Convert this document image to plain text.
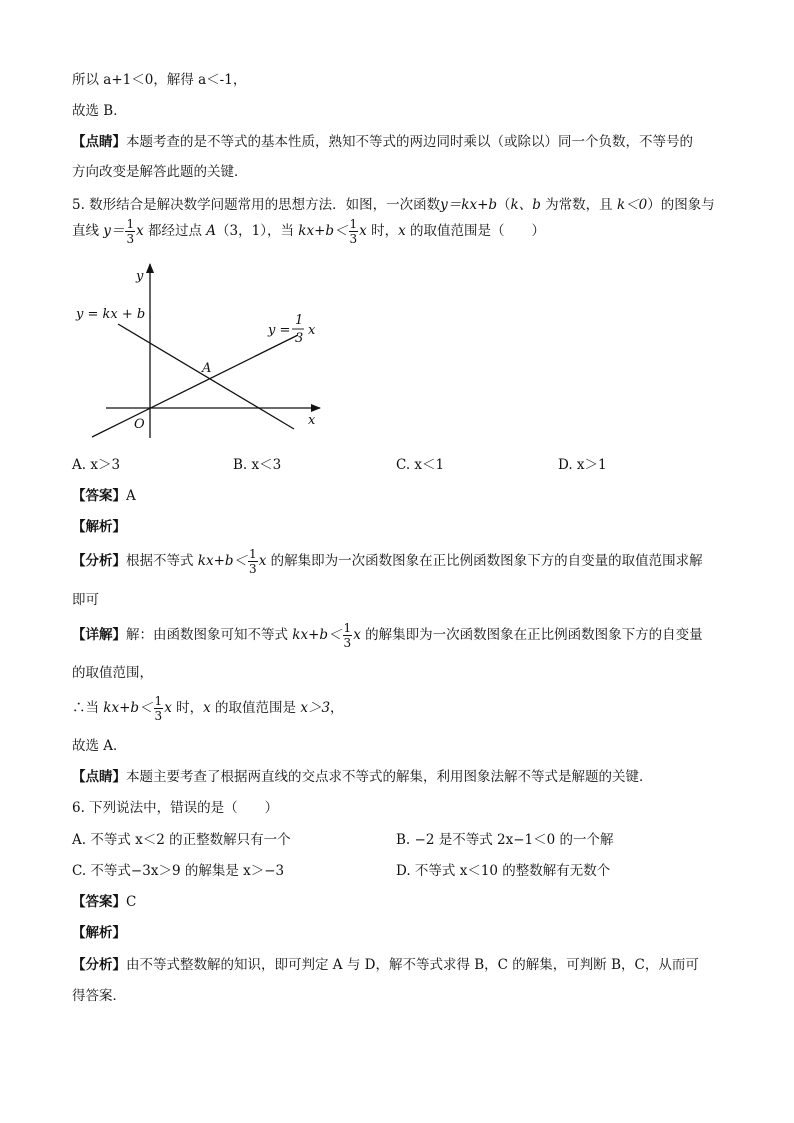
所以 a+1＜0，解得 a＜-1，
故选 B．
【点睛】本题考查的是不等式的基本性质，熟知不等式的两边同时乘以（或除以）同一个负数，不等号的
方向改变是解答此题的关键．
5. 数形结合是解决数学问题常用的思想方法．如图，一次函数y＝kx+b（k、b 为常数，且 k＜0）的图象与
直线 $y= \frac{1}{3}$ x 都经过点 A（3，1），当 $kx+b< \frac{1}{3}$ x 时，x 的取值范围是（　　）
y
x
O
A
y = kx + b
y =
1
3
x
A. x＞3	B. x＜3	C. x＜1	D. x＞1
【答案】A
【解析】
【分析】根据不等式 $kx+b< \frac{1}{3}$ x 的解集即为一次函数图象在正比例函数图象下方的自变量的取值范围求解
即可
【详解】解：由函数图象可知不等式 $kx+b< \frac{1}{3}$ x 的解集即为一次函数图象在正比例函数图象下方的自变量
的取值范围，
∴当 $kx+b< \frac{1}{3}$ x 时，x 的取值范围是 x＞3，
故选 A．
【点睛】本题主要考查了根据两直线的交点求不等式的解集，利用图象法解不等式是解题的关键．
6. 下列说法中，错误的是（　　）
A. 不等式 x＜2 的正整数解只有一个	B. −2 是不等式 2x−1＜0 的一个解
C. 不等式−3x＞9 的解集是 x＞−3	D. 不等式 x＜10 的整数解有无数个
【答案】C
【解析】
【分析】由不等式整数解的知识，即可判定 A 与 D，解不等式求得 B，C 的解集，可判断 B，C，从而可
得答案．
